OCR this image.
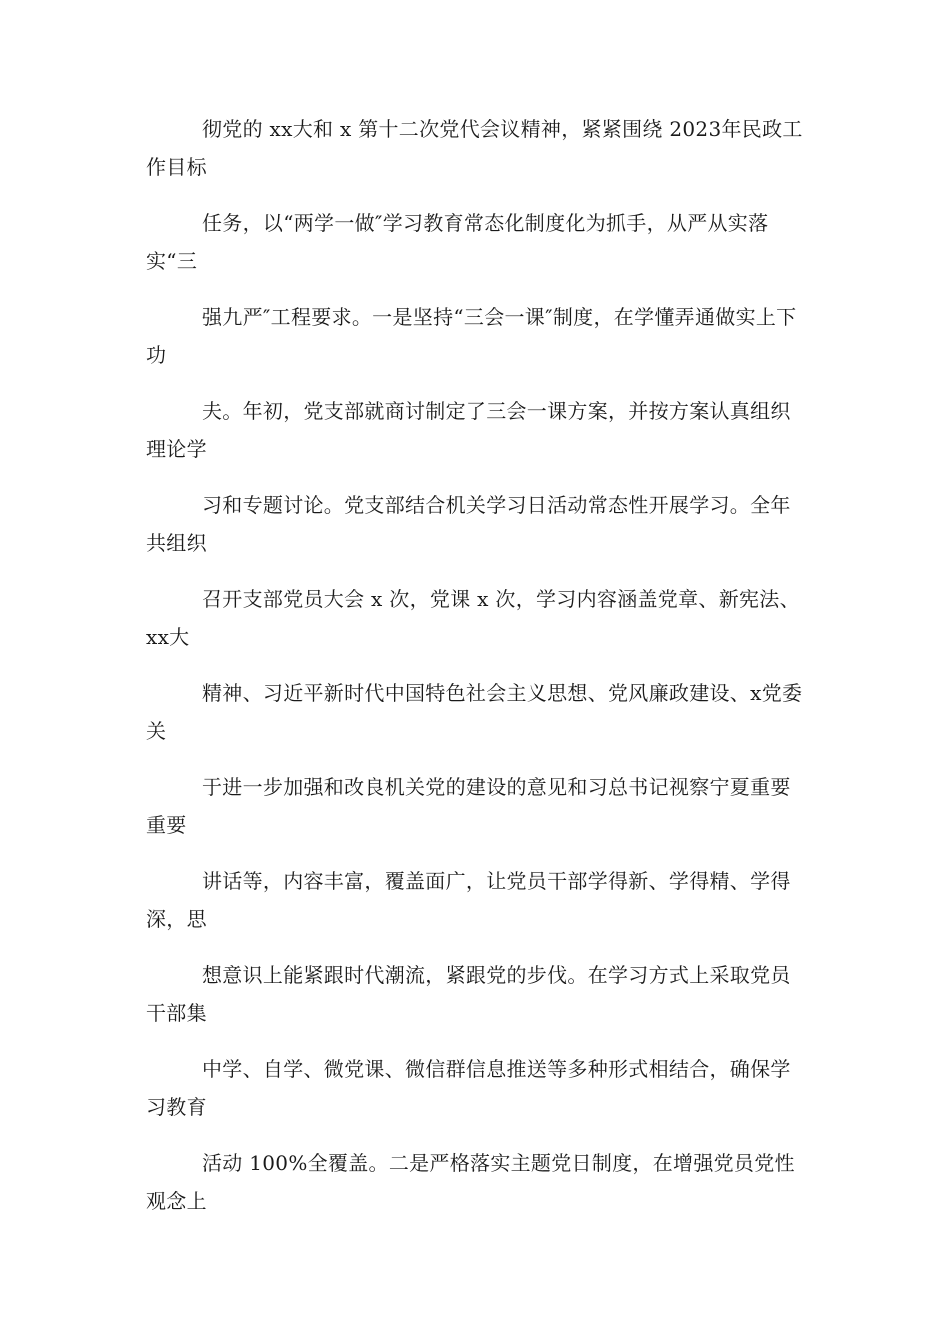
彻党的 xx大和 x 第十二次党代会议精神，紧紧围绕 2023年民政工作目标

任务，以“两学一做″学习教育常态化制度化为抓手，从严从实落实“三

强九严″工程要求。一是坚持“三会一课″制度，在学懂弄通做实上下功

夫。年初，党支部就商讨制定了三会一课方案，并按方案认真组织理论学

习和专题讨论。党支部结合机关学习日活动常态性开展学习。全年共组织

召开支部党员大会 x 次，党课 x 次，学习内容涵盖党章、新宪法、xx大

精神、习近平新时代中国特色社会主义思想、党风廉政建设、x党委关

于进一步加强和改良机关党的建设的意见和习总书记视察宁夏重要重要

讲话等，内容丰富，覆盖面广，让党员干部学得新、学得精、学得深，思

想意识上能紧跟时代潮流，紧跟党的步伐。在学习方式上采取党员干部集

中学、自学、微党课、微信群信息推送等多种形式相结合，确保学习教育

活动 100%全覆盖。二是严格落实主题党日制度，在增强党员党性观念上
